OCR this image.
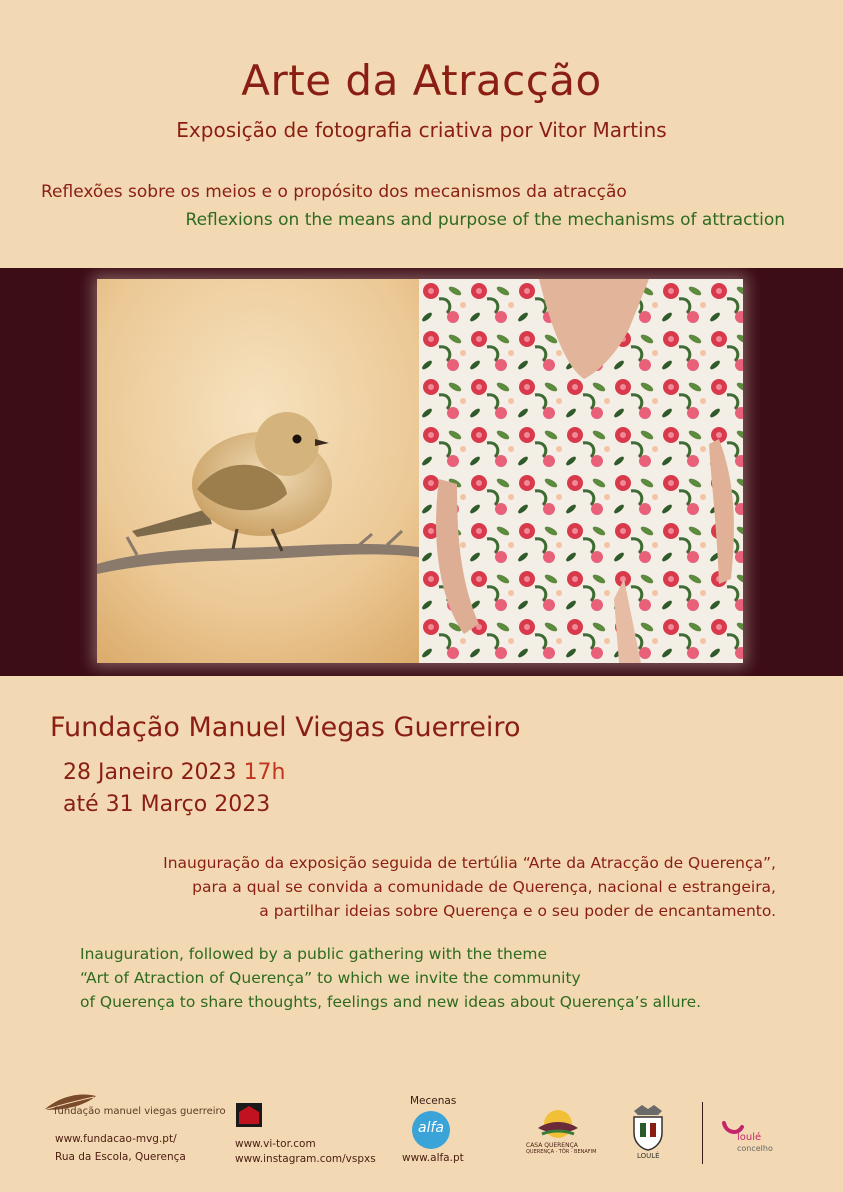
Arte da Atracção
Exposição de fotografia criativa por Vitor Martins
Reflexões sobre os meios e o propósito dos mecanismos da atracção
Reflexions on the means and purpose of the mechanisms of attraction
Fundação Manuel Viegas Guerreiro
28 Janeiro 2023 17h
até 31 Março 2023
Inauguração da exposição seguida de tertúlia “Arte da Atracção de Querença”,
para a qual se convida a comunidade de Querença, nacional e estrangeira,
a partilhar ideias sobre Querença e o seu poder de encantamento.
Inauguration, followed by a public gathering with the theme
“Art of Atraction of Querença” to which we invite the community
of Querença to share thoughts, feelings and new ideas about Querença’s allure.
fundação manuel viegas guerreiro
www.fundacao-mvg.pt/
Rua da Escola, Querença
www.vi-tor.com
www.instagram.com/vspxs
Mecenas
alfa
www.alfa.pt
CASA QUERENÇA
QUERENÇA · TÔR · BENAFIM	LOULÉ
loulé
concelho
